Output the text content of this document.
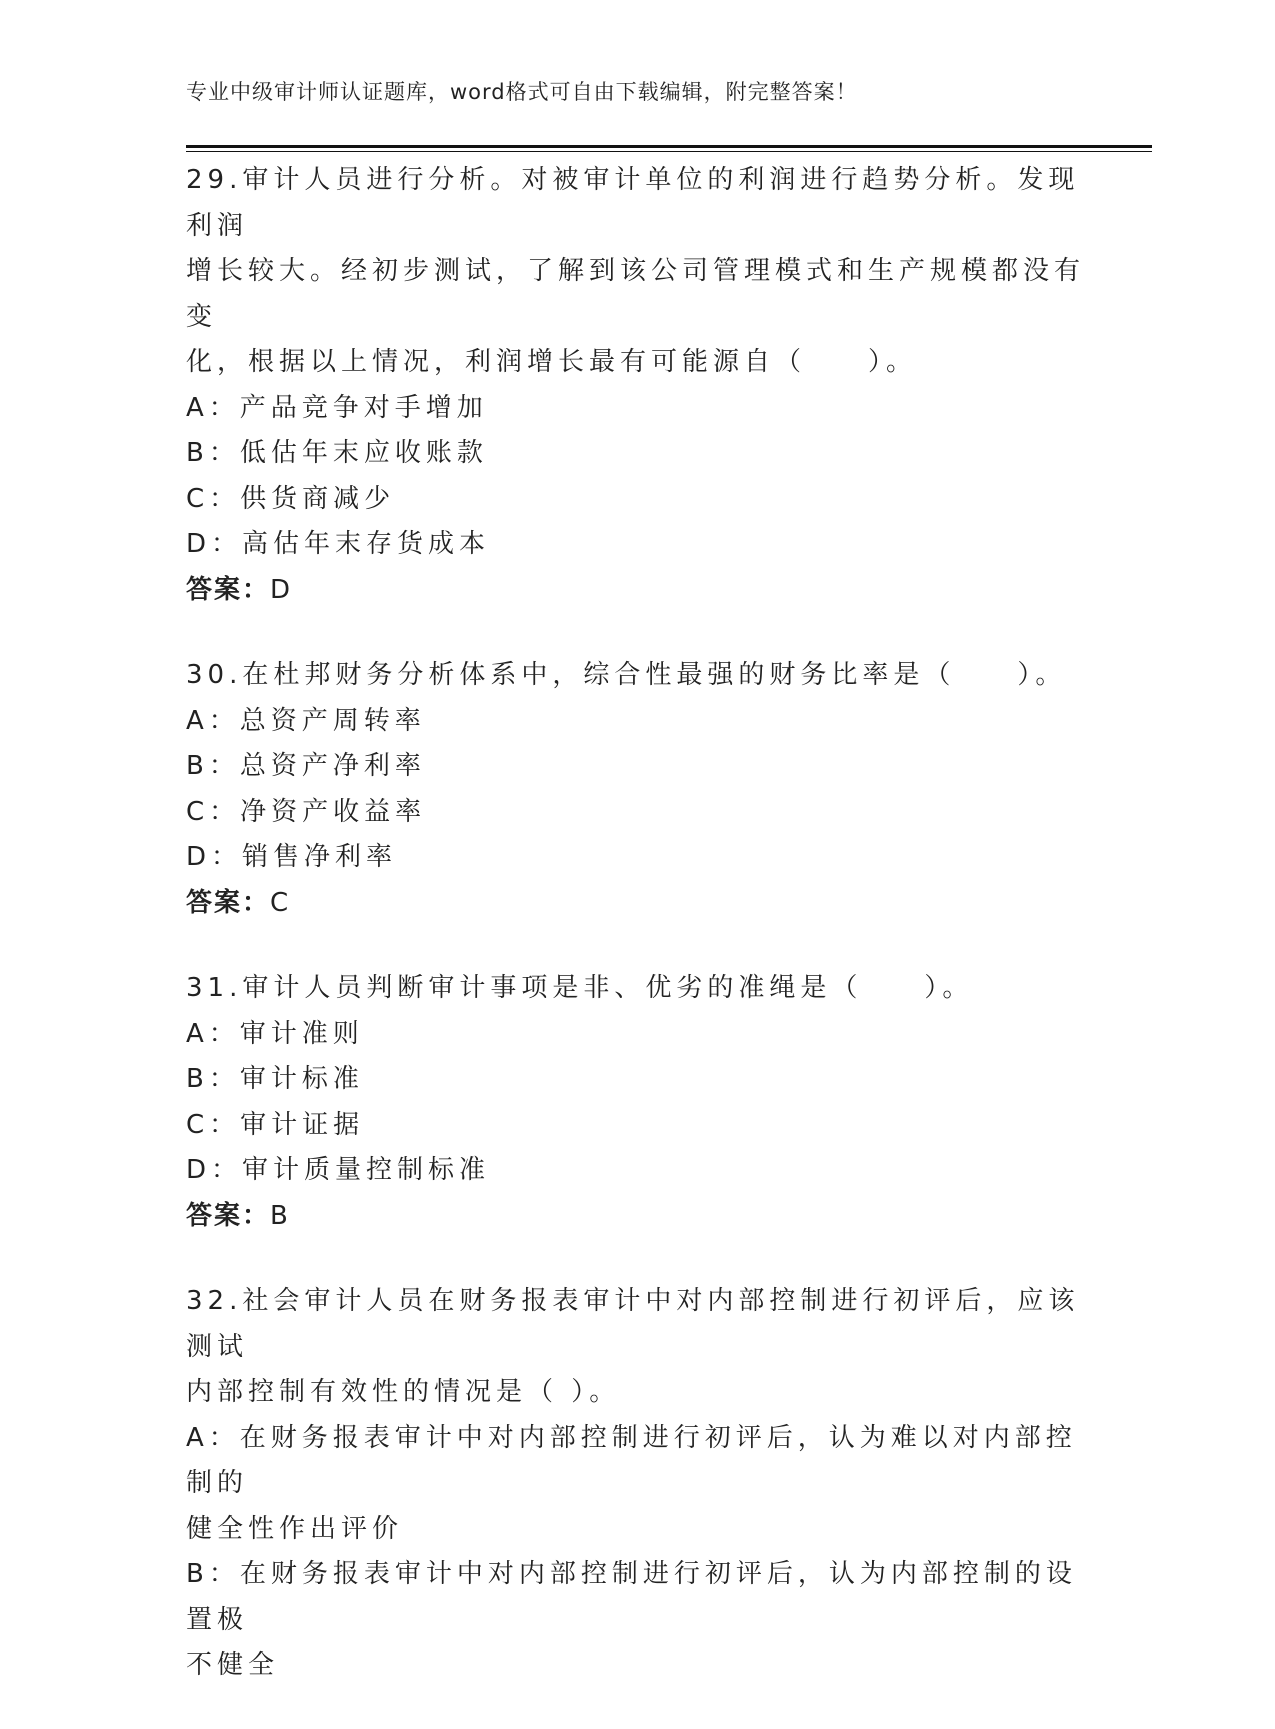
专业中级审计师认证题库，word格式可自由下载编辑，附完整答案！
29.审计人员进行分析。对被审计单位的利润进行趋势分析。发现利润
增长较大。经初步测试，了解到该公司管理模式和生产规模都没有变
化，根据以上情况，利润增长最有可能源自（　　）。
A：产品竞争对手增加
B：低估年末应收账款
C：供货商减少
D：高估年末存货成本
答案：D
30.在杜邦财务分析体系中，综合性最强的财务比率是（　　）。
A：总资产周转率
B：总资产净利率
C：净资产收益率
D：销售净利率
答案：C
31.审计人员判断审计事项是非、优劣的准绳是（　　）。
A：审计准则
B：审计标准
C：审计证据
D：审计质量控制标准
答案：B
32.社会审计人员在财务报表审计中对内部控制进行初评后，应该测试
内部控制有效性的情况是（ ）。
A：在财务报表审计中对内部控制进行初评后，认为难以对内部控制的
健全性作出评价
B：在财务报表审计中对内部控制进行初评后，认为内部控制的设置极
不健全
